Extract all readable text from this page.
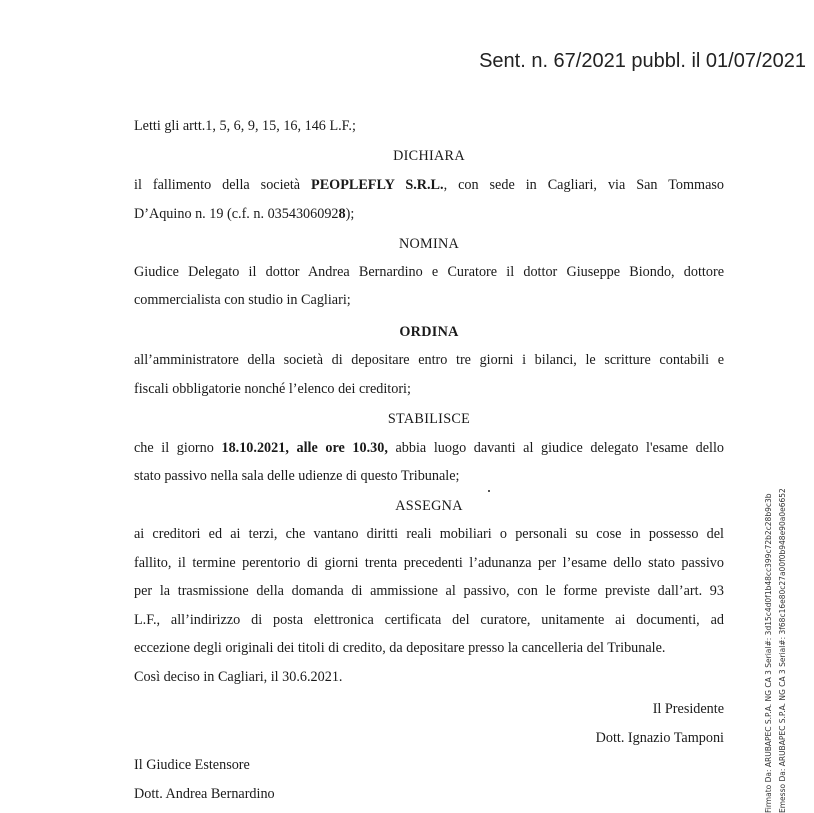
Sent. n. 67/2021 pubbl. il 01/07/2021
Letti gli artt.1, 5, 6, 9, 15, 16, 146 L.F.;
DICHIARA
il fallimento della società PEOPLEFLY S.R.L., con sede in Cagliari, via San Tommaso
D’Aquino n. 19 (c.f. n. 03543060928);
NOMINA
Giudice Delegato il dottor Andrea Bernardino e Curatore il dottor Giuseppe Biondo, dottore
commercialista con studio in Cagliari;
ORDINA
all’amministratore della società di depositare entro tre giorni i bilanci, le scritture contabili e
fiscali obbligatorie nonché l’elenco dei creditori;
STABILISCE
che il giorno 18.10.2021, alle ore 10.30, abbia luogo davanti al giudice delegato l'esame dello
stato passivo nella sala delle udienze di questo Tribunale;
ASSEGNA
ai creditori ed ai terzi, che vantano diritti reali mobiliari o personali su cose in possesso del
fallito, il termine perentorio di giorni trenta precedenti l’adunanza per l’esame dello stato passivo
per la trasmissione della domanda di ammissione al passivo, con le forme previste dall’art. 93
L.F., all’indirizzo di posta elettronica certificata del curatore, unitamente ai documenti, ad
eccezione degli originali dei titoli di credito, da depositare presso la cancelleria del Tribunale.
Così deciso in Cagliari, il 30.6.2021.
Il Presidente
Dott. Ignazio Tamponi
Il Giudice Estensore
Dott. Andrea Bernardino	Firmato Da: ARUBAPEC S.P.A. NG CA 3 Serial#: 3d15c4d0f1b48cc399c72b2c28b9c3b Emesso Da: ARUBAPEC S.P.A. NG CA 3 Serial#: 3f68c16e80c27a00f0b948e90a0e6652
